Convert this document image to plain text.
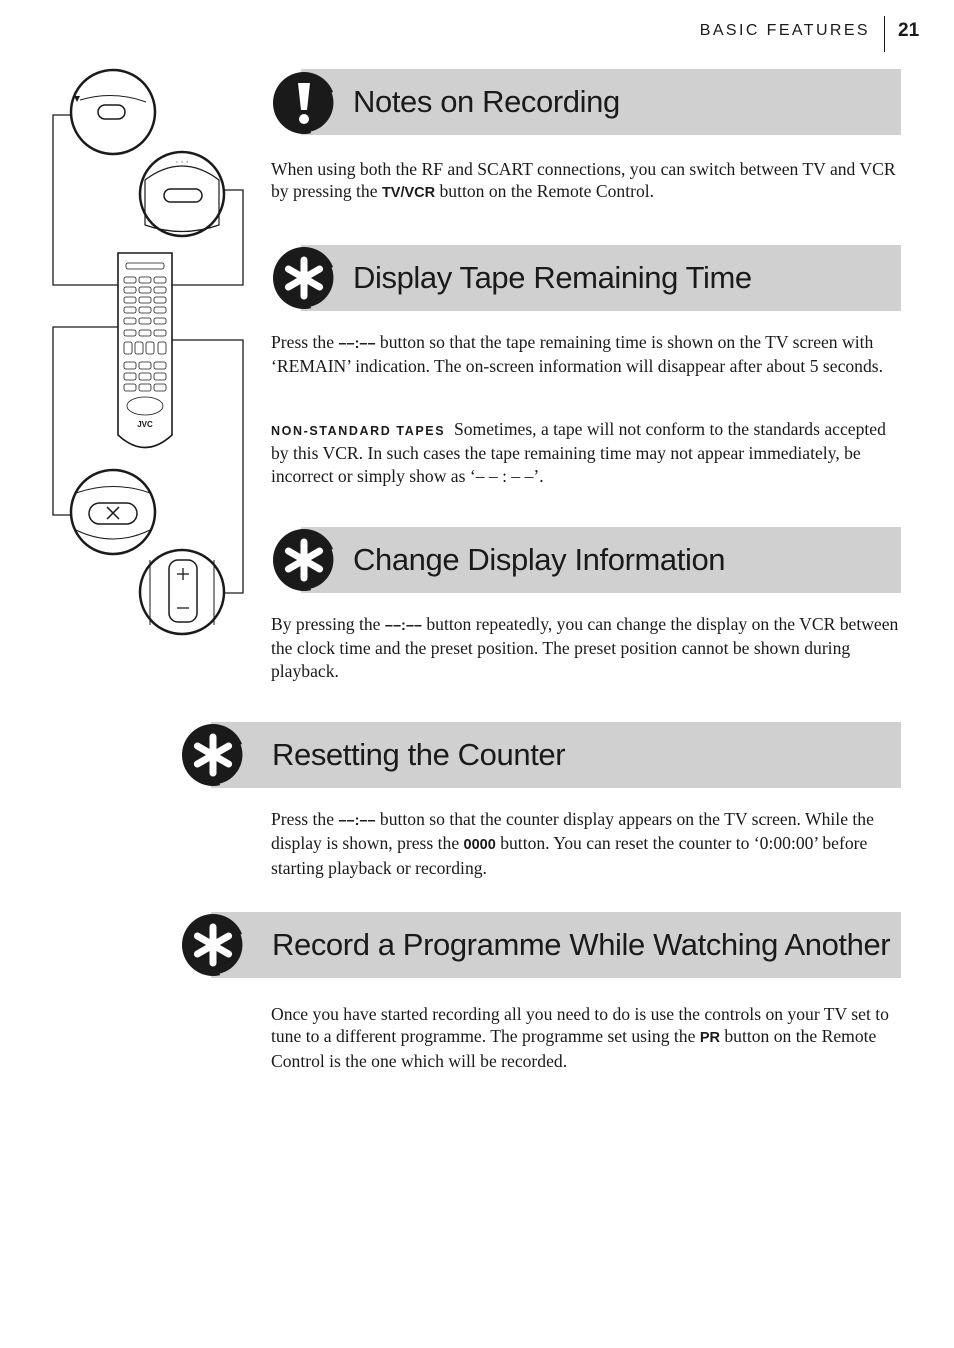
BASIC FEATURES 21
· · ·
JVC
Notes on Recording
When using both the RF and SCART connections, you can switch between TV and VCR by pressing the TV/VCR button on the Remote Control.
Display Tape Remaining Time
Press the ––:–– button so that the tape remaining time is shown on the TV screen with ‘REMAIN’ indication. The on-screen information will disappear after about 5 seconds.
NON-STANDARD TAPES Sometimes, a tape will not conform to the standards accepted by this VCR. In such cases the tape remaining time may not appear immediately, be incorrect or simply show as ‘– – : – –’.
Change Display Information
By pressing the ––:–– button repeatedly, you can change the display on the VCR between the clock time and the preset position. The preset position cannot be shown during playback.
Resetting the Counter
Press the ––:–– button so that the counter display appears on the TV screen. While the display is shown, press the 0000 button. You can reset the counter to ‘0:00:00’ before starting playback or recording.
Record a Programme While Watching Another
Once you have started recording all you need to do is use the controls on your TV set to tune to a different programme. The programme set using the PR button on the Remote Control is the one which will be recorded.
